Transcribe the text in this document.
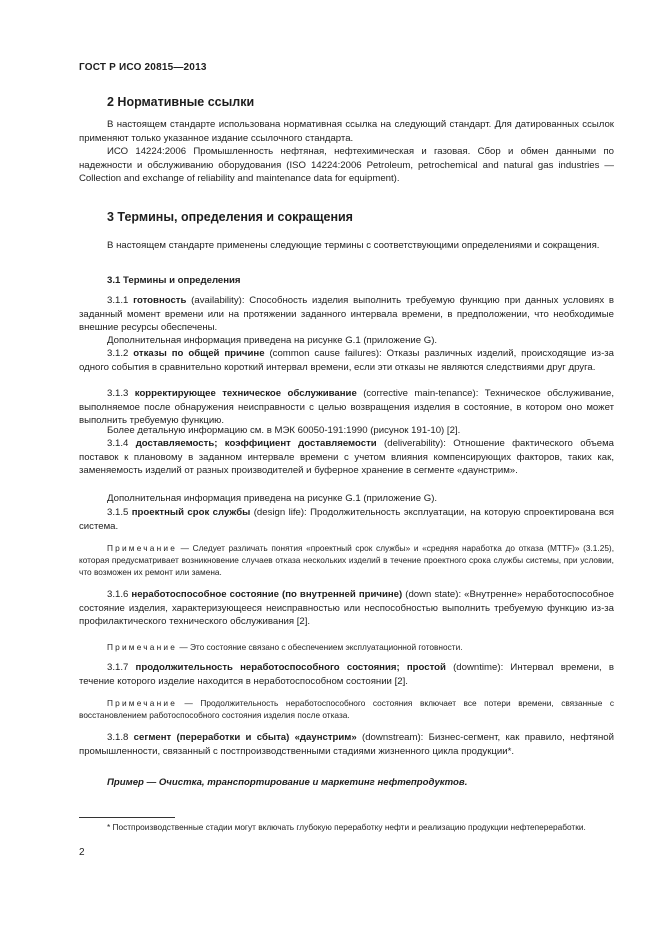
ГОСТ Р ИСО 20815—2013
2 Нормативные ссылки
В настоящем стандарте использована нормативная ссылка на следующий стандарт. Для датированных ссылок применяют только указанное издание ссылочного стандарта.
ИСО 14224:2006 Промышленность нефтяная, нефтехимическая и газовая. Сбор и обмен данными по надежности и обслуживанию оборудования (ISO 14224:2006 Petroleum, petrochemical and natural gas industries — Collection and exchange of reliability and maintenance data for equipment).
3 Термины, определения и сокращения
В настоящем стандарте применены следующие термины с соответствующими определениями и сокращения.
3.1 Термины и определения
3.1.1 готовность (availability): Способность изделия выполнить требуемую функцию при данных условиях в заданный момент времени или на протяжении заданного интервала времени, в предположении, что необходимые внешние ресурсы обеспечены.
Дополнительная информация приведена на рисунке G.1 (приложение G).
3.1.2 отказы по общей причине (common cause failures): Отказы различных изделий, происходящие из-за одного события в сравнительно короткий интервал времени, если эти отказы не являются следствиями друг друга.
3.1.3 корректирующее техническое обслуживание (corrective main-tenance): Техническое обслуживание, выполняемое после обнаружения неисправности с целью возвращения изделия в состояние, в котором оно может выполнить требуемую функцию.
Более детальную информацию см. в МЭК 60050-191:1990 (рисунок 191-10) [2].
3.1.4 доставляемость; коэффициент доставляемости (deliverability): Отношение фактического объема поставок к плановому в заданном интервале времени с учетом влияния компенсирующих факторов, таких как, заменяемость изделий от разных производителей и буферное хранение в сегменте «даунстрим».
Дополнительная информация приведена на рисунке G.1 (приложение G).
3.1.5 проектный срок службы (design life): Продолжительность эксплуатации, на которую спроектирована вся система.
Примечание — Следует различать понятия «проектный срок службы» и «средняя наработка до отказа (MTTF)» (3.1.25), которая предусматривает возникновение случаев отказа нескольких изделий в течение проектного срока службы системы, при условии, что возможен их ремонт или замена.
3.1.6 неработоспособное состояние (по внутренней причине) (down state): «Внутренне» неработоспособное состояние изделия, характеризующееся неисправностью или неспособностью выполнить требуемую функцию из-за профилактического технического обслуживания [2].
Примечание — Это состояние связано с обеспечением эксплуатационной готовности.
3.1.7 продолжительность неработоспособного состояния; простой (downtime): Интервал времени, в течение которого изделие находится в неработоспособном состоянии [2].
Примечание — Продолжительность неработоспособного состояния включает все потери времени, связанные с восстановлением работоспособного состояния изделия после отказа.
3.1.8 сегмент (переработки и сбыта) «даунстрим» (downstream): Бизнес-сегмент, как правило, нефтяной промышленности, связанный с постпроизводственными стадиями жизненного цикла продукции*.
Пример — Очистка, транспортирование и маркетинг нефтепродуктов.
* Постпроизводственные стадии могут включать глубокую переработку нефти и реализацию продукции нефтепереработки.
2
